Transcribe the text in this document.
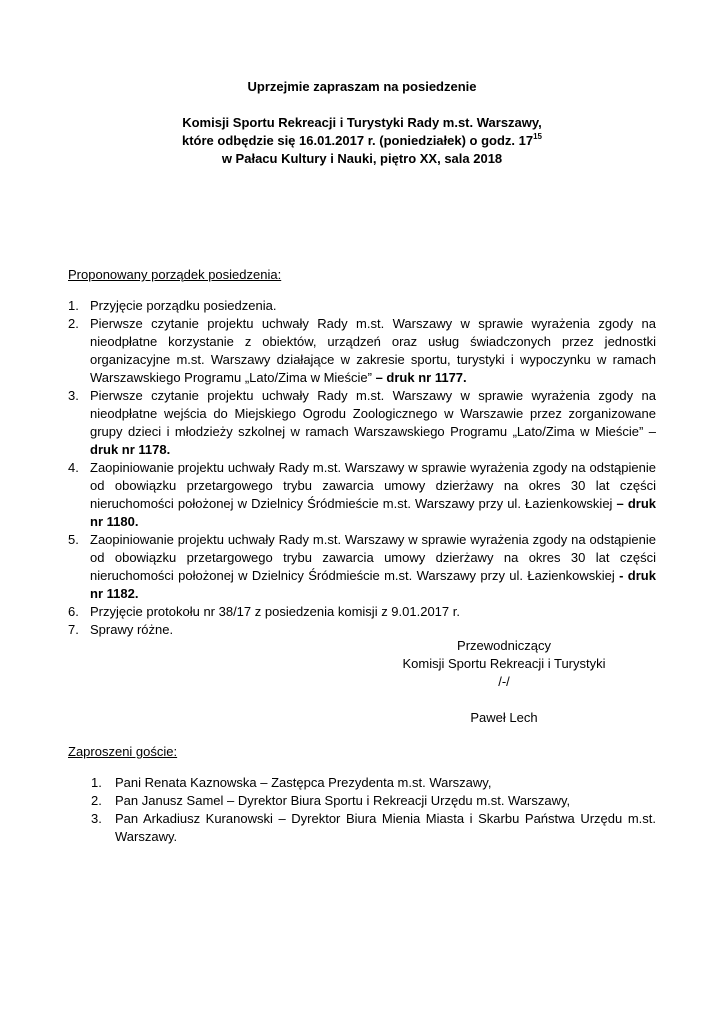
Uprzejmie zapraszam na posiedzenie

Komisji Sportu Rekreacji i Turystyki Rady m.st. Warszawy,

które odbędzie się 16.01.2017 r. (poniedziałek) o godz. $17^{15}$

w Pałacu Kultury i Nauki, piętro XX, sala 2018

Proponowany porządek posiedzenia:
1. Przyjęcie porządku posiedzenia.
2. Pierwsze czytanie projektu uchwały Rady m.st. Warszawy w sprawie wyrażenia zgody na nieodpłatne korzystanie z obiektów, urządzeń oraz usług świadczonych przez jednostki organizacyjne m.st. Warszawy działające w zakresie sportu, turystyki i wypoczynku w ramach Warszawskiego Programu „Lato/Zima w Mieście” – druk nr 1177.
3. Pierwsze czytanie projektu uchwały Rady m.st. Warszawy w sprawie wyrażenia zgody na nieodpłatne wejścia do Miejskiego Ogrodu Zoologicznego w Warszawie przez zorganizowane grupy dzieci i młodzieży szkolnej w ramach Warszawskiego Programu „Lato/Zima w Mieście” – druk nr 1178.
4. Zaopiniowanie projektu uchwały Rady m.st. Warszawy w sprawie wyrażenia zgody na odstąpienie od obowiązku przetargowego trybu zawarcia umowy dzierżawy na okres 30 lat części nieruchomości położonej w Dzielnicy Śródmieście m.st. Warszawy przy ul. Łazienkowskiej – druk nr 1180.
5. Zaopiniowanie projektu uchwały Rady m.st. Warszawy w sprawie wyrażenia zgody na odstąpienie od obowiązku przetargowego trybu zawarcia umowy dzierżawy na okres 30 lat części nieruchomości położonej w Dzielnicy Śródmieście m.st. Warszawy przy ul. Łazienkowskiej - druk nr 1182.
6. Przyjęcie protokołu nr 38/17 z posiedzenia komisji z 9.01.2017 r.
7. Sprawy różne.

Przewodniczący

Komisji Sportu Rekreacji i Turystyki

/-/

Paweł Lech

Zaproszeni goście:
1. Pani Renata Kaznowska – Zastępca Prezydenta m.st. Warszawy,
2. Pan Janusz Samel – Dyrektor Biura Sportu i Rekreacji Urzędu m.st. Warszawy,
3. Pan Arkadiusz Kuranowski – Dyrektor Biura Mienia Miasta i Skarbu Państwa Urzędu m.st. Warszawy.
